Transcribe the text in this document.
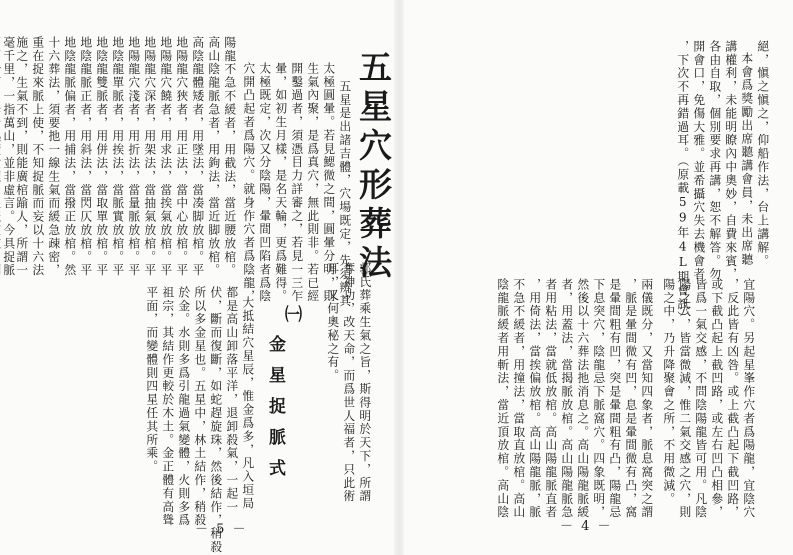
五星穴形葬法
五星是出諸吉體，穴場既定，先須辨其
太極圓暈。若見鰓微之間，圓暈分明，則
生氣內聚，是爲真穴，無此則非。若已經
開鑿過者，須憑目力詳審之，若見一三乍
暈，如初生月樣，是名天輪，更爲難得。
太極既定，次又分陰陽，暈間凹陷者爲陰
穴開凸起者爲陽穴。就身作穴者爲陰龍，
陽龍不急不緩者，用截法，當近腰放棺。
高山陰龍脈急者，用鉤法，當近脚放棺。
高陰龍體矮者，用墜法，當凑脚放棺。平
地陽龍穴狹者，用正法，當中心放棺。平
地陽龍穴饒者，用求法，當挨氣放棺。平
地陽龍穴深者，用架法，當抽氣放棺。平
地陽龍穴淺者，用折法，當量脈放棺。平
地陰龍單脈者，用挨法，當脈實放棺。平
地陰龍雙脈者，用併法，當取單放棺。平
地陰龍脈正者，用斜法，當閃仄放棺。平
地陰龍脈偏者，用捕法，當撥正放棺。然
十六葬法，須要扡一線生氣而緩急疎密，
重在捉來脈上使，不知捉脈而妄以十六法
施之，生氣不到，則能廣棺踰人，所謂一
毫千里，一指萬山，並非虛言。今具捉脈
郭氏葬乘生氣之旨，斯得明於天下，所謂
奪神功，改天命，而爲世人福者，只此術
耳，又何奧秘之有。
㈠
金星捉脈式
大抵結穴星辰，惟金爲多，凡入垣局
都是高山卸落平洋，退卸殺氣，一起一
伏，斷而復斷，如蛇趕旋珠，然後結作，稍殺
所以多金星也。五星中，林土結作，稍殺
於金。水則多爲引龍過氣變體，火則多爲
祖宗，其結作更較於木土。金正體有高聳
平面，而變體則四星任其所乘。
－ 5 －
絕，愼之愼之，仰船作法，台上講解。
本會爲獎勵出席聽講會員，未出席聽
講權利，未能明瞭內中奧妙，自費來賓，
各由自取，個別要求再講，恕不解答。勿
開會口，免傷大雅。並希攝穴失去機會者
，下次不再錯過耳。（原載59年4L期會訊）
宜陽穴。另起星峯作穴者爲陽龍，宜陰穴
，反此皆有凶咎。或上截凸起下截凹路，
或下截凸起上截凹路，或左右凹凸相參，
皆爲一氣交感，不問陰陽龍皆可用。凡陰
陽之穴，皆當微減，惟二氣交感之穴，則
陽之中，乃升降聚會之所，不用微減。
兩儀既分，又當知四象者，脈息窩突之謂
，脈是暈間微有凹，息是暈間微有凸，窩
是暈間粗有凹，突是暈間粗有凸，陽龍忌
下息突穴，陰龍忌下脈窩穴。四象既明，
然後以十六葬法扡消息之。高山陽龍脈緩
者，用蓋法，當揭脈放棺。高山陽龍脈急
者用粘法，當就低放棺。高山陽龍脈直者
，用倚法，當挨偏放棺。高山陽龍脈，脈
不急不緩者，用撞法，當取直放棺。高山
陰龍脈緩者用斬法，當近頂放棺。高山陰
－ 4 －
